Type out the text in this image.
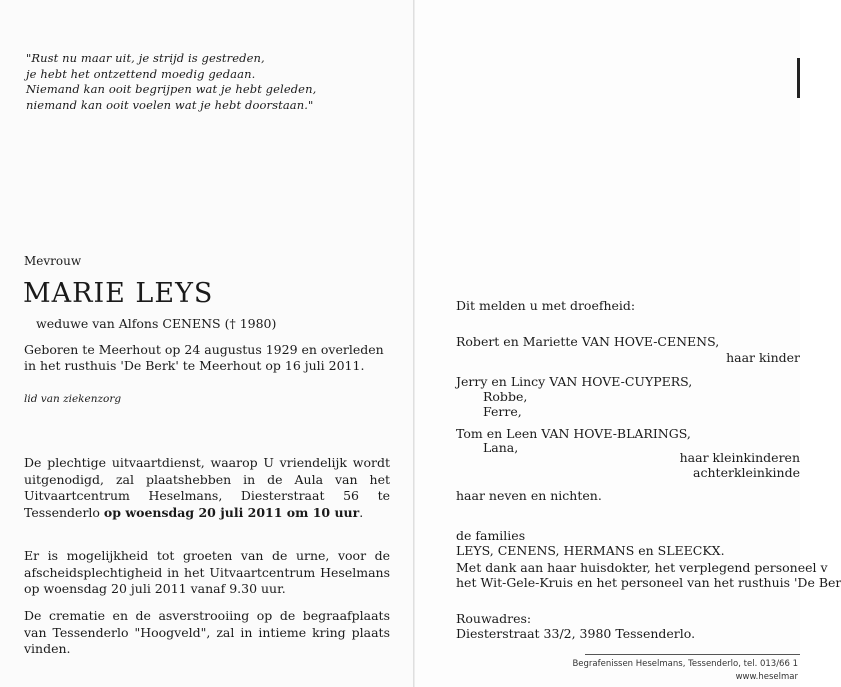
"Rust nu maar uit, je strijd is gestreden,
je hebt het ontzettend moedig gedaan.
Niemand kan ooit begrijpen wat je hebt geleden,
niemand kan ooit voelen wat je hebt doorstaan."
Mevrouw
MARIE LEYS
weduwe van Alfons CENENS († 1980)
Geboren te Meerhout op 24 augustus 1929 en overleden in het rusthuis 'De Berk' te Meerhout op 16 juli 2011.
lid van ziekenzorg
De plechtige uitvaartdienst, waarop U vriendelijk wordt uitgenodigd, zal plaatshebben in de Aula van het Uitvaartcentrum Heselmans, Diesterstraat 56 te Tessenderlo op woensdag 20 juli 2011 om 10 uur.
Er is mogelijkheid tot groeten van de urne, voor de afscheidsplechtigheid in het Uitvaartcentrum Heselmans op woensdag 20 juli 2011 vanaf 9.30 uur.
De crematie en de asverstrooiing op de begraafplaats van Tessenderlo "Hoogveld", zal in intieme kring plaats vinden.
Dit melden u met droefheid:
Robert en Mariette VAN HOVE-CENENS,
haar kinder
Jerry en Lincy VAN HOVE-CUYPERS,
Robbe,
Ferre,
Tom en Leen VAN HOVE-BLARINGS,
Lana,
haar kleinkinderen
achterkleinkinde
haar neven en nichten.
de families
LEYS, CENENS, HERMANS en SLEECKX.
Met dank aan haar huisdokter, het verplegend personeel v
het Wit-Gele-Kruis en het personeel van het rusthuis 'De Ber
Rouwadres:
Diesterstraat 33/2, 3980 Tessenderlo.
Begrafenissen Heselmans, Tessenderlo, tel. 013/66 1
www.heselmar
